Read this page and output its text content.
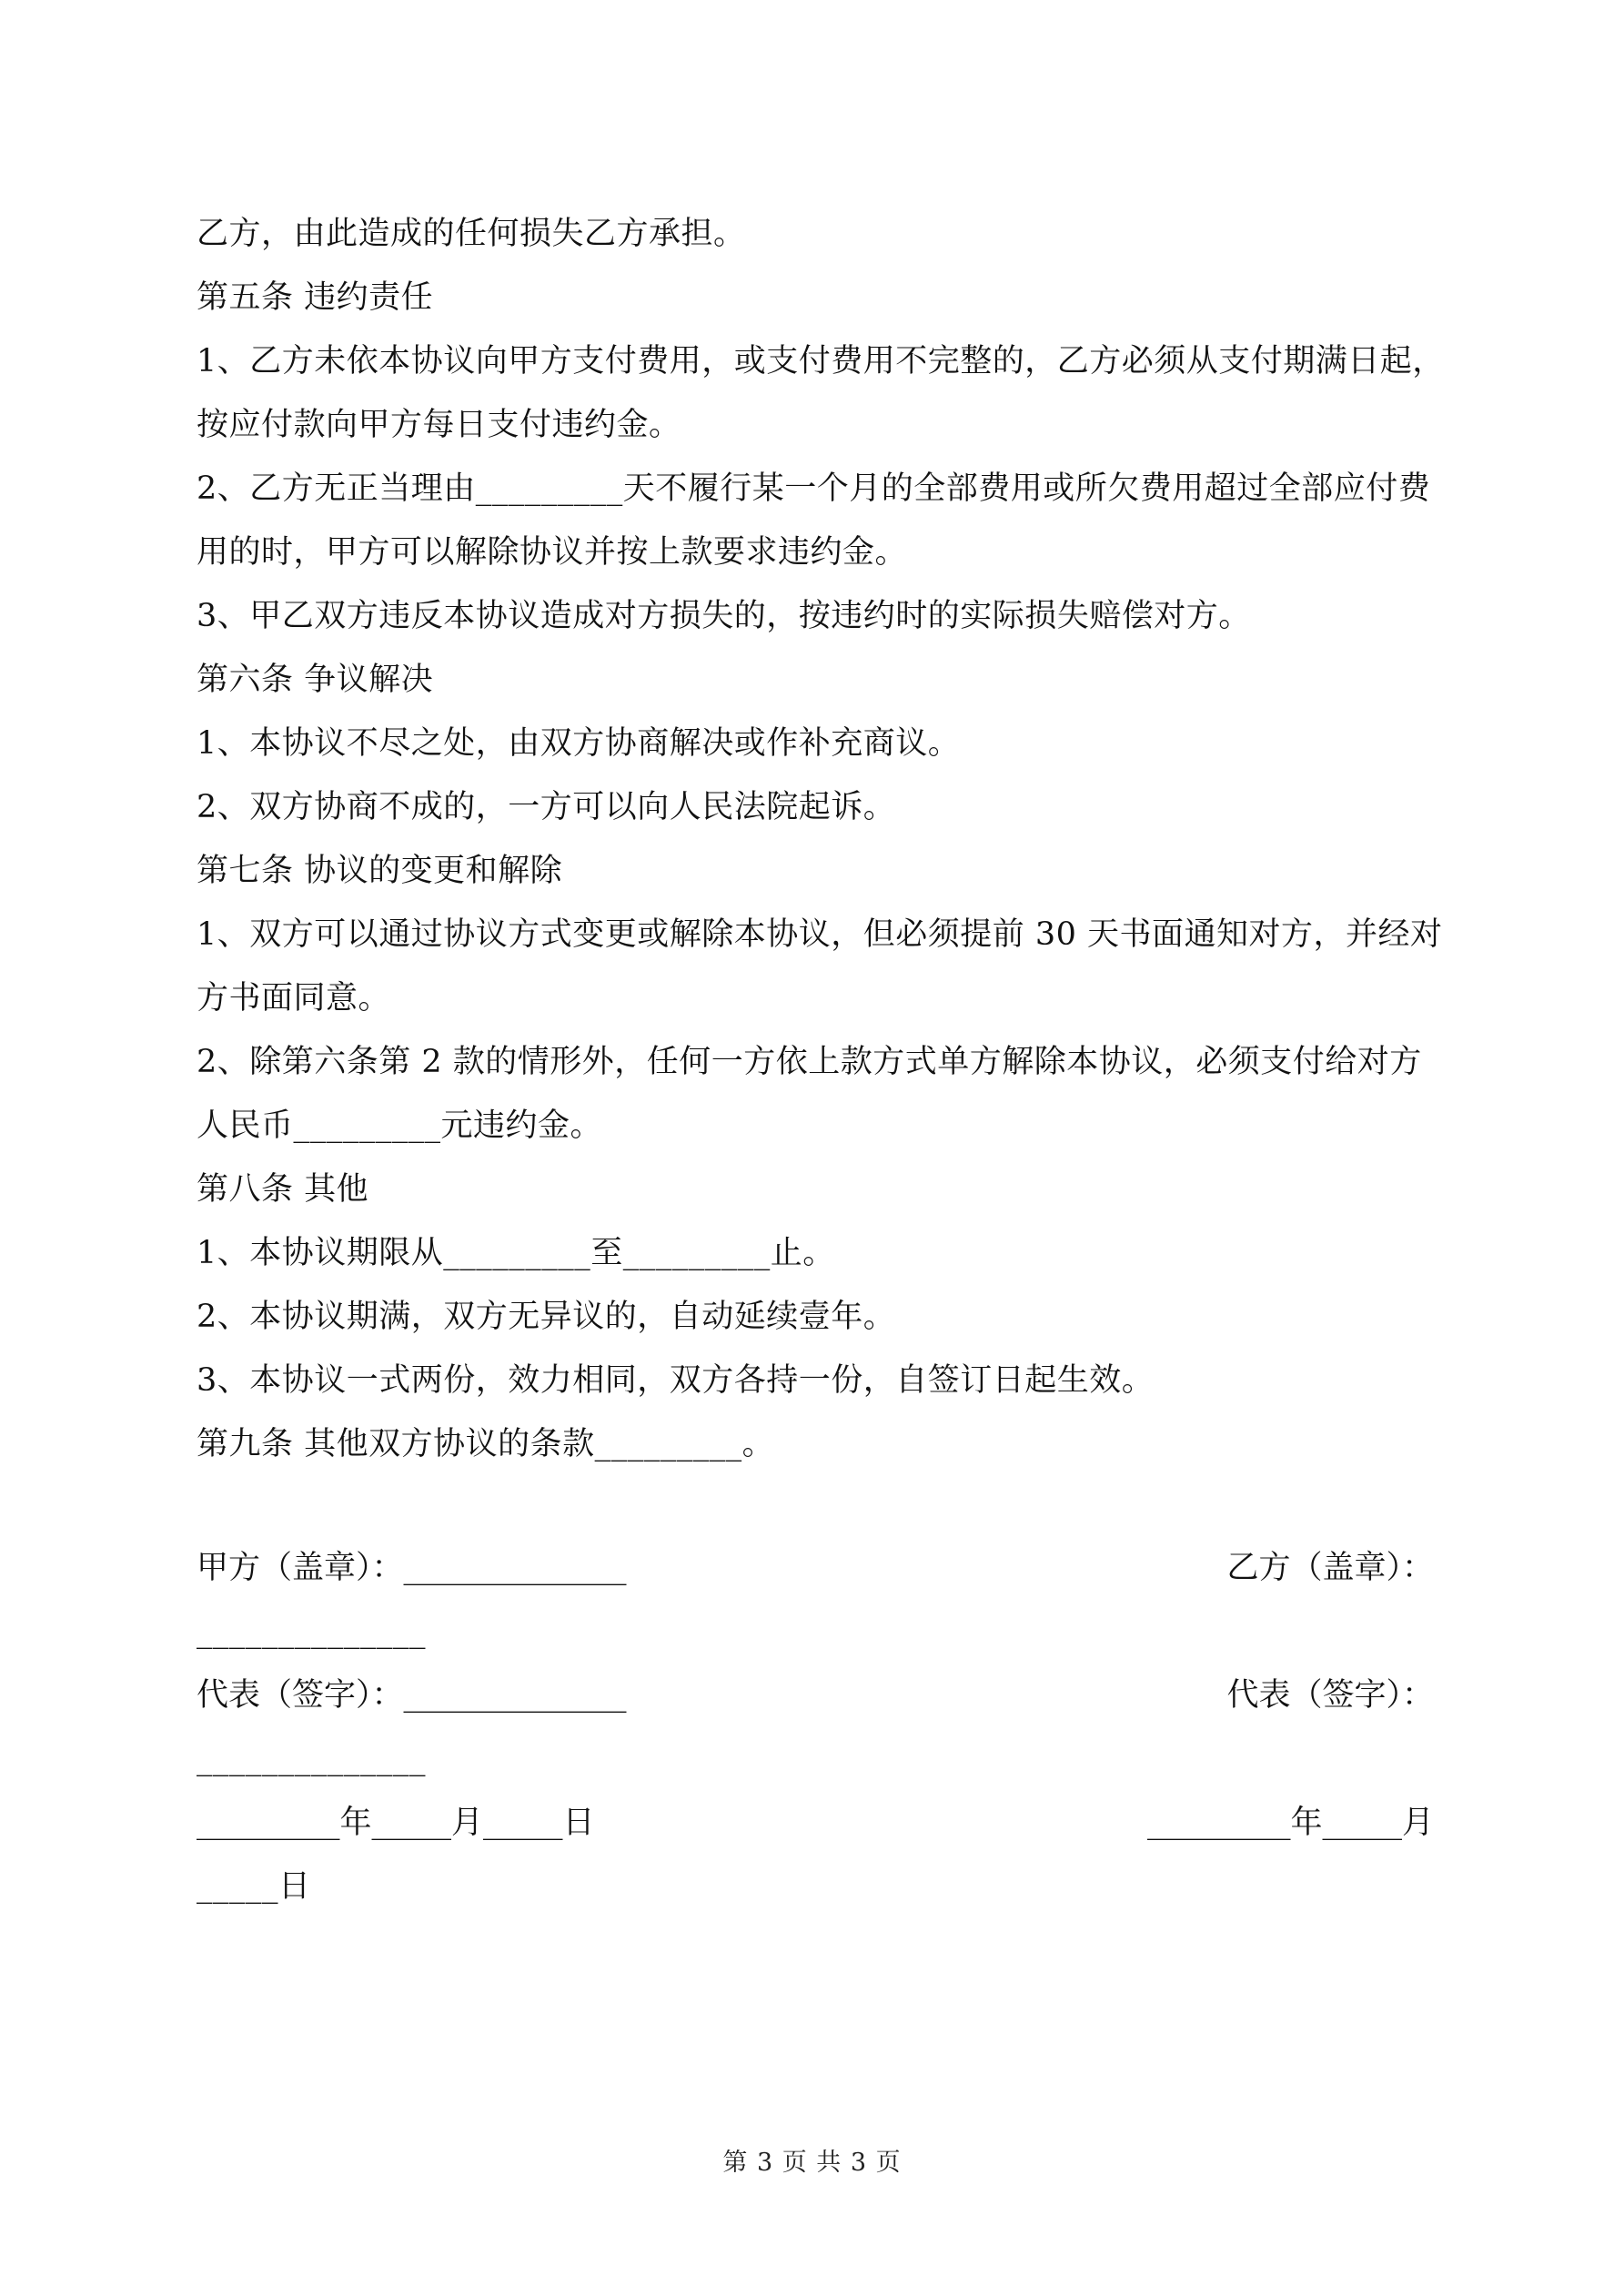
乙方，由此造成的任何损失乙方承担。
第五条 违约责任
1、乙方未依本协议向甲方支付费用，或支付费用不完整的，乙方必须从支付期满日起，
按应付款向甲方每日支付违约金。
2、乙方无正当理由_________天不履行某一个月的全部费用或所欠费用超过全部应付费
用的时，甲方可以解除协议并按上款要求违约金。
3、甲乙双方违反本协议造成对方损失的，按违约时的实际损失赔偿对方。
第六条 争议解决
1、本协议不尽之处，由双方协商解决或作补充商议。
2、双方协商不成的，一方可以向人民法院起诉。
第七条 协议的变更和解除
1、双方可以通过协议方式变更或解除本协议，但必须提前 30 天书面通知对方，并经对
方书面同意。
2、除第六条第 2 款的情形外，任何一方依上款方式单方解除本协议，必须支付给对方
人民币_________元违约金。
第八条 其他
1、本协议期限从_________至_________止。
2、本协议期满，双方无异议的，自动延续壹年。
3、本协议一式两份，效力相同，双方各持一份，自签订日起生效。
第九条 其他双方协议的条款_________。
甲方（盖章）：______________	乙方（盖章）：
______________
代表（签字）：______________	代表（签字）：
______________
_________年_____月_____日	_________年_____月
_____日
第 3 页 共 3 页
